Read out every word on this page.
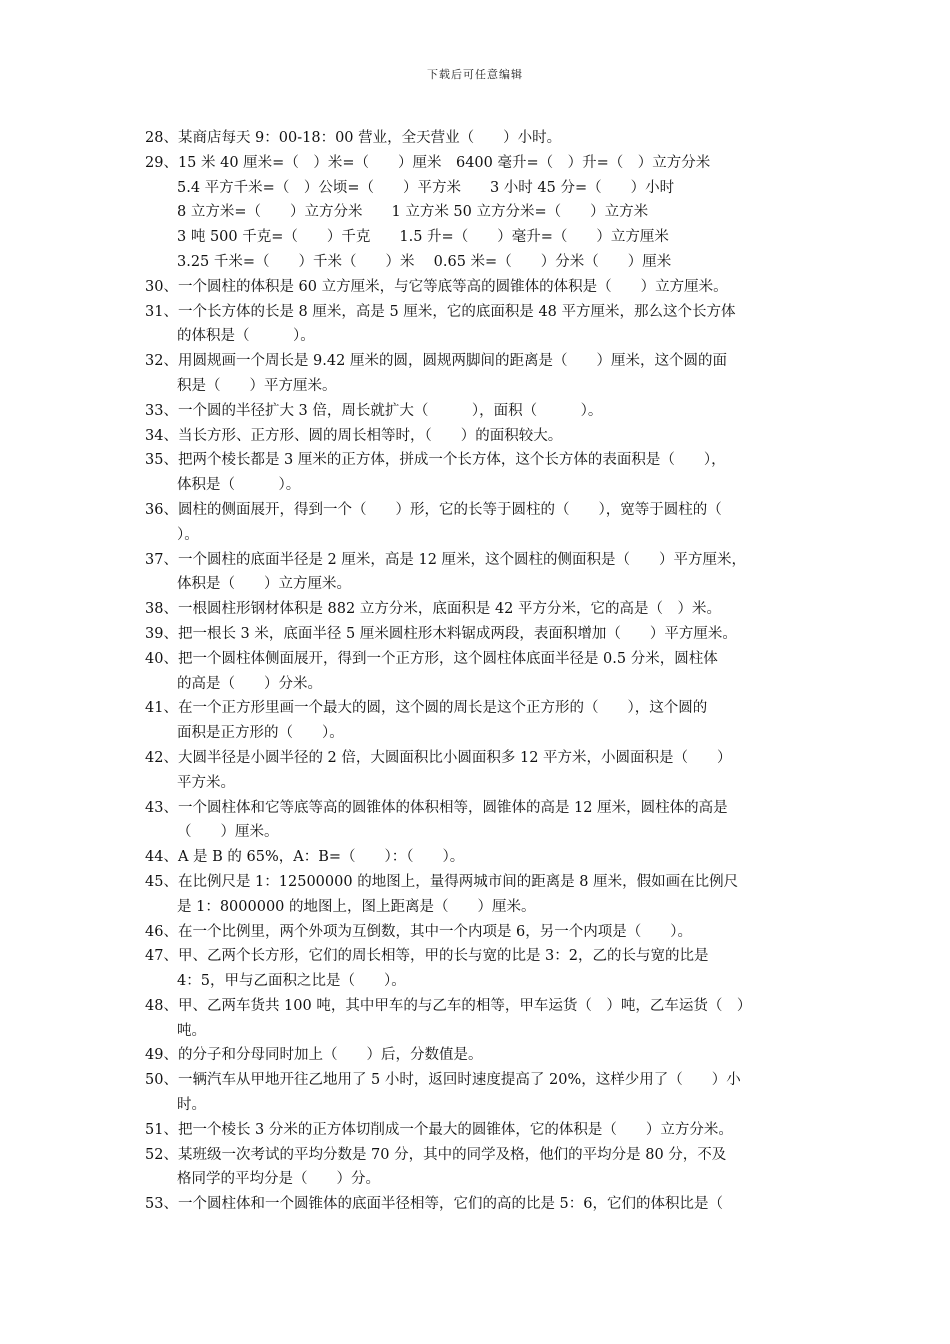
下载后可任意编辑
28、某商店每天 9：00-18：00 营业，全天营业（　　）小时。
29、15 米 40 厘米=（　）米=（　　）厘米　6400 毫升=（　）升=（　）立方分米
5.4 平方千米=（　）公顷=（　　）平方米　　3 小时 45 分=（　　）小时
8 立方米=（　　）立方分米　　1 立方米 50 立方分米=（　　）立方米
3 吨 500 千克=（　　）千克　　1.5 升=（　　）毫升=（　　）立方厘米
3.25 千米=（　　）千米（　　）米　 0.65 米=（　　）分米（　　）厘米
30、一个圆柱的体积是 60 立方厘米，与它等底等高的圆锥体的体积是（　　）立方厘米。
31、一个长方体的长是 8 厘米，高是 5 厘米，它的底面积是 48 平方厘米，那么这个长方体
的体积是（　　　）。
32、用圆规画一个周长是 9.42 厘米的圆，圆规两脚间的距离是（　　）厘米，这个圆的面
积是（　　）平方厘米。
33、一个圆的半径扩大 3 倍，周长就扩大（　　　），面积（　　　）。
34、当长方形、正方形、圆的周长相等时，（　　）的面积较大。
35、把两个棱长都是 3 厘米的正方体，拼成一个长方体，这个长方体的表面积是（　　），
体积是（　　　）。
36、圆柱的侧面展开，得到一个（　　）形，它的长等于圆柱的（　　），宽等于圆柱的（
）。
37、一个圆柱的底面半径是 2 厘米，高是 12 厘米，这个圆柱的侧面积是（　　）平方厘米，
体积是（　　）立方厘米。
38、一根圆柱形钢材体积是 882 立方分米，底面积是 42 平方分米，它的高是（　）米。
39、把一根长 3 米，底面半径 5 厘米圆柱形木料锯成两段，表面积增加（　　）平方厘米。
40、把一个圆柱体侧面展开，得到一个正方形，这个圆柱体底面半径是 0.5 分米，圆柱体
的高是（　　）分米。
41、在一个正方形里画一个最大的圆，这个圆的周长是这个正方形的（　　），这个圆的
面积是正方形的（　　）。
42、大圆半径是小圆半径的 2 倍，大圆面积比小圆面积多 12 平方米，小圆面积是（　　）
平方米。
43、一个圆柱体和它等底等高的圆锥体的体积相等，圆锥体的高是 12 厘米，圆柱体的高是
（　　）厘米。
44、A 是 B 的 65%，A：B=（　　）：（　　）。
45、在比例尺是 1：12500000 的地图上，量得两城市间的距离是 8 厘米，假如画在比例尺
是 1：8000000 的地图上，图上距离是（　　）厘米。
46、在一个比例里，两个外项为互倒数，其中一个内项是 6，另一个内项是（　　）。
47、甲、乙两个长方形，它们的周长相等，甲的长与宽的比是 3：2，乙的长与宽的比是
4：5，甲与乙面积之比是（　　）。
48、甲、乙两车货共 100 吨，其中甲车的与乙车的相等，甲车运货（　）吨，乙车运货（　）
吨。
49、的分子和分母同时加上（　　）后，分数值是。
50、一辆汽车从甲地开往乙地用了 5 小时，返回时速度提高了 20%，这样少用了（　　）小
时。
51、把一个棱长 3 分米的正方体切削成一个最大的圆锥体，它的体积是（　　）立方分米。
52、某班级一次考试的平均分数是 70 分，其中的同学及格，他们的平均分是 80 分，不及
格同学的平均分是（　　）分。
53、一个圆柱体和一个圆锥体的底面半径相等，它们的高的比是 5：6，它们的体积比是（
